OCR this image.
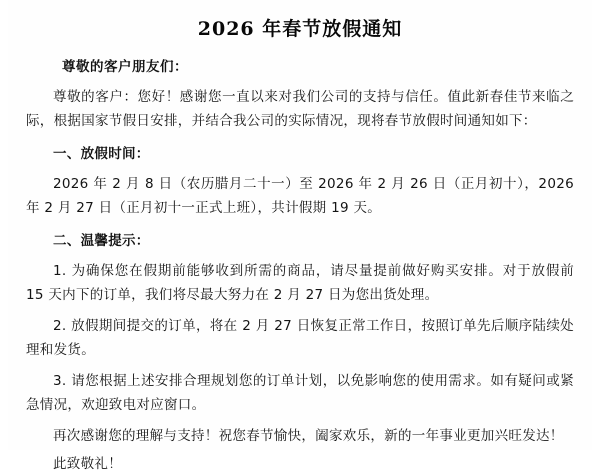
2026 年春节放假通知

尊敬的客户朋友们：

尊敬的客户：您好！感谢您一直以来对我们公司的支持与信任。值此新春佳节来临之际，根据国家节假日安排，并结合我公司的实际情况，现将春节放假时间通知如下：

一、放假时间：

2026 年 2 月 8 日（农历腊月二十一）至 2026 年 2 月 26 日（正月初十），2026 年 2 月 27 日（正月初十一正式上班），共计假期 19 天。

二、温馨提示：

1. 为确保您在假期前能够收到所需的商品，请尽量提前做好购买安排。对于放假前 15 天内下的订单，我们将尽最大努力在 2 月 27 日为您出货处理。

2. 放假期间提交的订单，将在 2 月 27 日恢复正常工作日，按照订单先后顺序陆续处理和发货。

3. 请您根据上述安排合理规划您的订单计划，以免影响您的使用需求。如有疑问或紧急情况，欢迎致电对应窗口。

再次感谢您的理解与支持！祝您春节愉快，阖家欢乐，新的一年事业更加兴旺发达！

此致敬礼！
